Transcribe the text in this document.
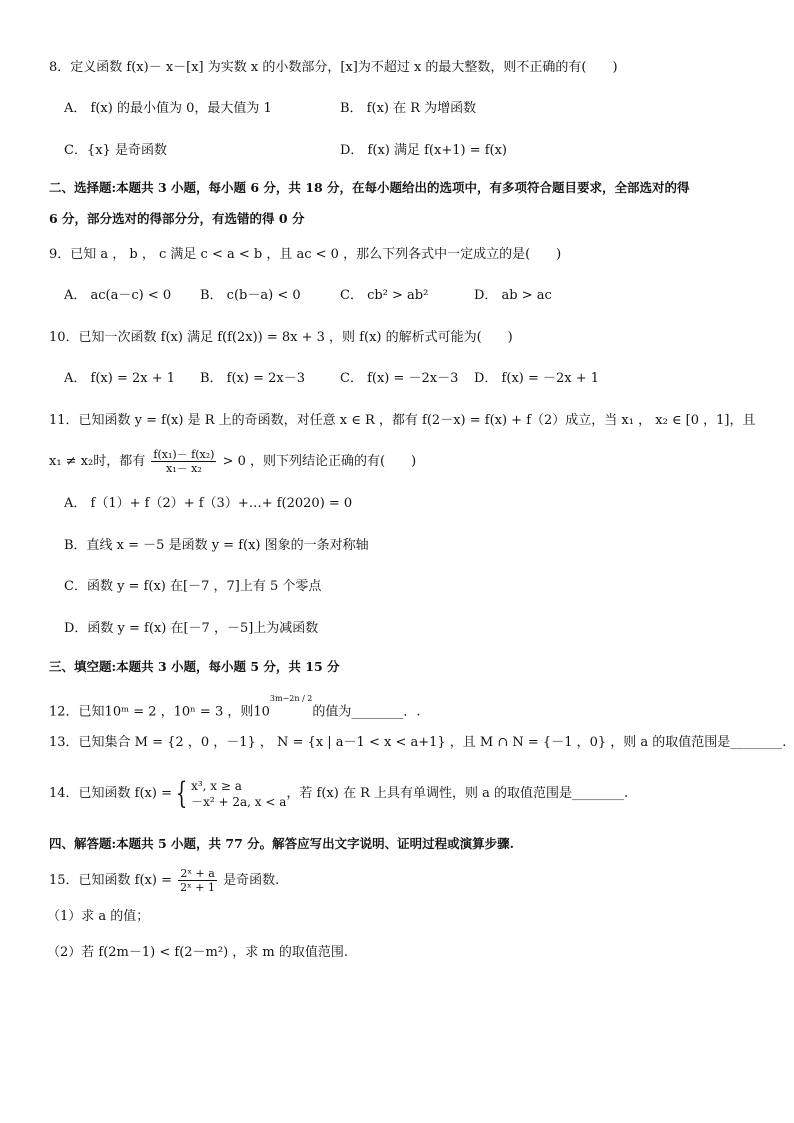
8．定义函数 f(x)－ x－[x] 为实数 x 的小数部分，[x]为不超过 x 的最大整数，则不正确的有(　　)
A． f(x) 的最小值为 0，最大值为 1	B． f(x) 在 R 为增函数
C．{x} 是奇函数	D． f(x) 满足 f(x+1) = f(x)
二、选择题:本题共 3 小题，每小题 6 分，共 18 分，在每小题给出的选项中，有多项符合题目要求，全部选对的得
6 分，部分选对的得部分分，有选错的得 0 分
9．已知 a ， b ， c 满足 c < a < b ，且 ac < 0 ，那么下列各式中一定成立的是(　　)
A． ac(a－c) < 0 B． c(b－a) < 0	C． cb² > ab²	D． ab > ac
10．已知一次函数 f(x) 满足 f(f(2x)) = 8x + 3 ，则 f(x) 的解析式可能为(　　)
A． f(x) = 2x + 1 B． f(x) = 2x－3	C． f(x) = －2x－3 D． f(x) = －2x + 1
11．已知函数 y = f(x) 是 R 上的奇函数，对任意 x ∈ R ，都有 f(2－x) = f(x) + f（2）成立，当 x₁ ， x₂ ∈ [0 ，1]，且
x₁ ≠ x₂时，都有 $\frac{\text{f(x₁)－ f(x₂)}}{\text{x₁－ x₂}} > 0$ ，则下列结论正确的有(　　)
A． f（1）+ f（2）+ f（3）+…+ f(2020) = 0
B．直线 x = －5 是函数 y = f(x) 图象的一条对称轴
C．函数 y = f(x) 在[－7 ，7]上有 5 个零点
D．函数 y = f(x) 在[－7 ，－5]上为减函数
三、填空题:本题共 3 小题，每小题 5 分，共 15 分
12．已知10ᵐ = 2 ，10ⁿ = 3 ，则$10^{3m-2n / 2}$的值为________．.
13．已知集合 M = {2 ，0 ，－1} ， N = {x | a－1 < x < a+1} ，且 M ∩ N = {－1 ，0} ，则 a 的取值范围是________.
14．已知函数 f(x) = { x³, x ≥ a
－x² + 2a, x < a
，若 f(x) 在 R 上具有单调性，则 a 的取值范围是________.
四、解答题:本题共 5 小题，共 77 分。解答应写出文字说明、证明过程或演算步骤.
15．已知函数 $f(x) = \frac{\text{2ˣ + a}}{\text{2ˣ + 1}}$ 是奇函数.
（1）求 a 的值；
（2）若 f(2m－1) < f(2－m²) ，求 m 的取值范围.
